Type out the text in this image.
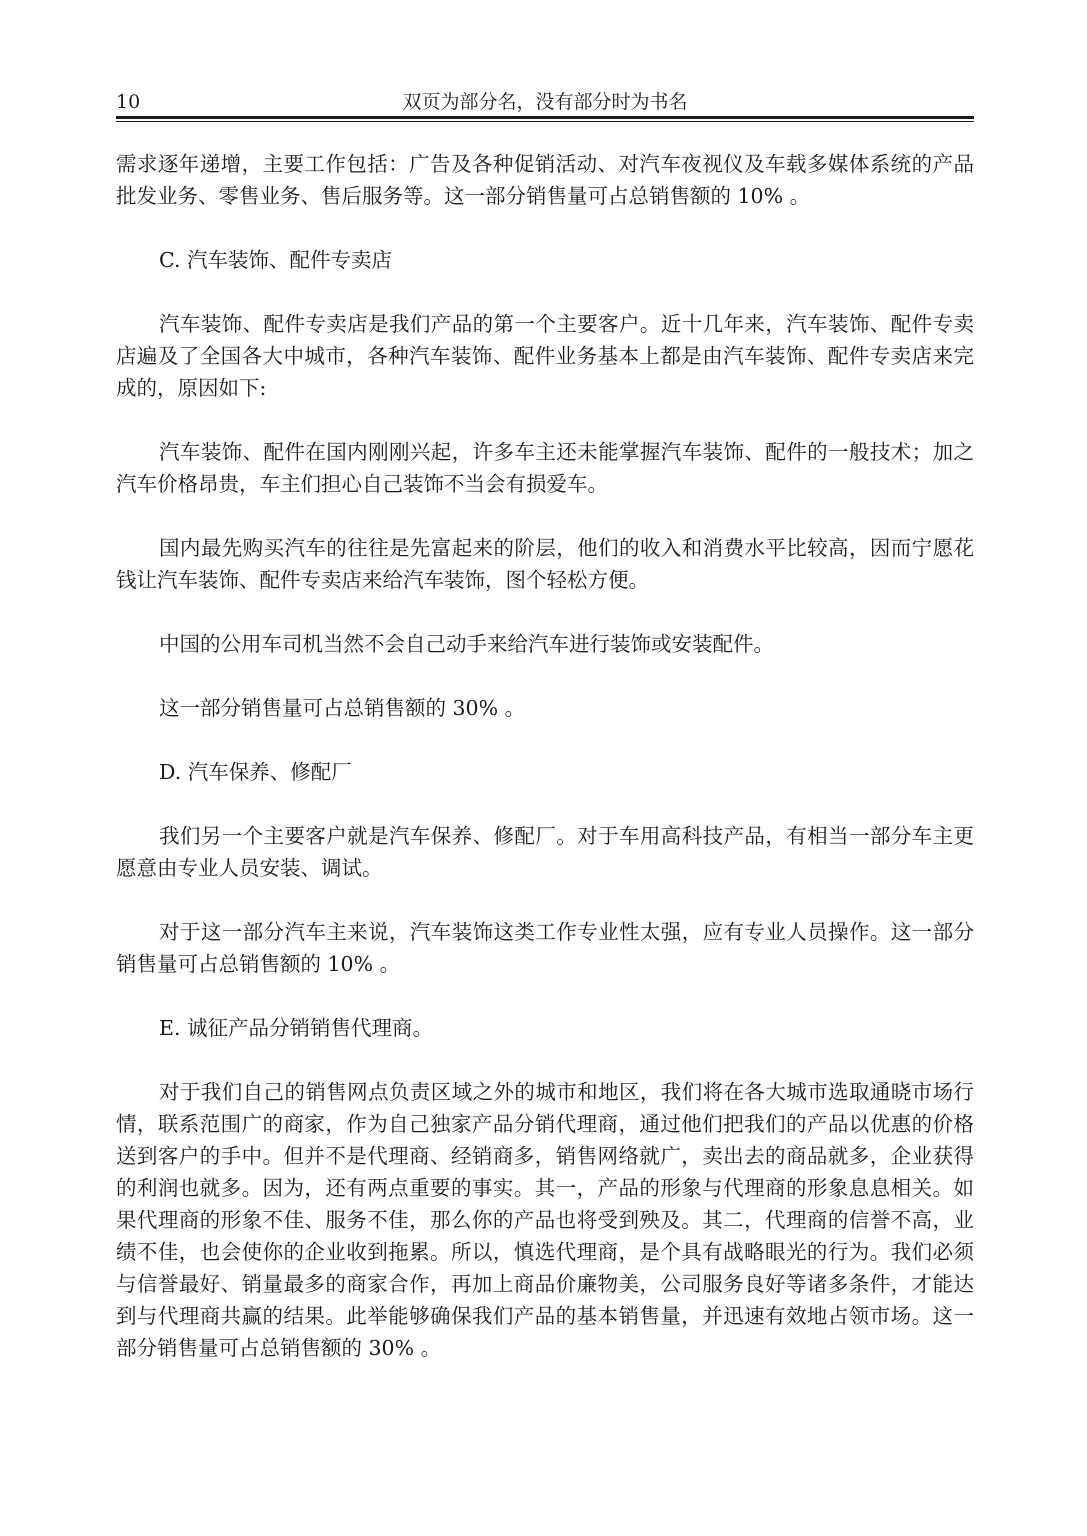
10	双页为部分名，没有部分时为书名

需求逐年递增，主要工作包括：广告及各种促销活动、对汽车夜视仪及车载多媒体系统的产品批发业务、零售业务、售后服务等。这一部分销售量可占总销售额的 10% 。

C. 汽车装饰、配件专卖店

汽车装饰、配件专卖店是我们产品的第一个主要客户。近十几年来，汽车装饰、配件专卖店遍及了全国各大中城市，各种汽车装饰、配件业务基本上都是由汽车装饰、配件专卖店来完成的，原因如下:

汽车装饰、配件在国内刚刚兴起，许多车主还未能掌握汽车装饰、配件的一般技术；加之汽车价格昂贵，车主们担心自己装饰不当会有损爱车。

国内最先购买汽车的往往是先富起来的阶层，他们的收入和消费水平比较高，因而宁愿花钱让汽车装饰、配件专卖店来给汽车装饰，图个轻松方便。

中国的公用车司机当然不会自己动手来给汽车进行装饰或安装配件。

这一部分销售量可占总销售额的 30% 。

D. 汽车保养、修配厂

我们另一个主要客户就是汽车保养、修配厂。对于车用高科技产品，有相当一部分车主更愿意由专业人员安装、调试。

对于这一部分汽车主来说，汽车装饰这类工作专业性太强，应有专业人员操作。这一部分销售量可占总销售额的 10% 。

E. 诚征产品分销销售代理商。

对于我们自己的销售网点负责区域之外的城市和地区，我们将在各大城市选取通晓市场行情，联系范围广的商家，作为自己独家产品分销代理商，通过他们把我们的产品以优惠的价格送到客户的手中。但并不是代理商、经销商多，销售网络就广，卖出去的商品就多，企业获得的利润也就多。因为，还有两点重要的事实。其一，产品的形象与代理商的形象息息相关。如果代理商的形象不佳、服务不佳，那么你的产品也将受到殃及。其二，代理商的信誉不高，业绩不佳，也会使你的企业收到拖累。所以，慎选代理商，是个具有战略眼光的行为。我们必须与信誉最好、销量最多的商家合作，再加上商品价廉物美，公司服务良好等诸多条件，才能达到与代理商共赢的结果。此举能够确保我们产品的基本销售量，并迅速有效地占领市场。这一部分销售量可占总销售额的 30% 。
